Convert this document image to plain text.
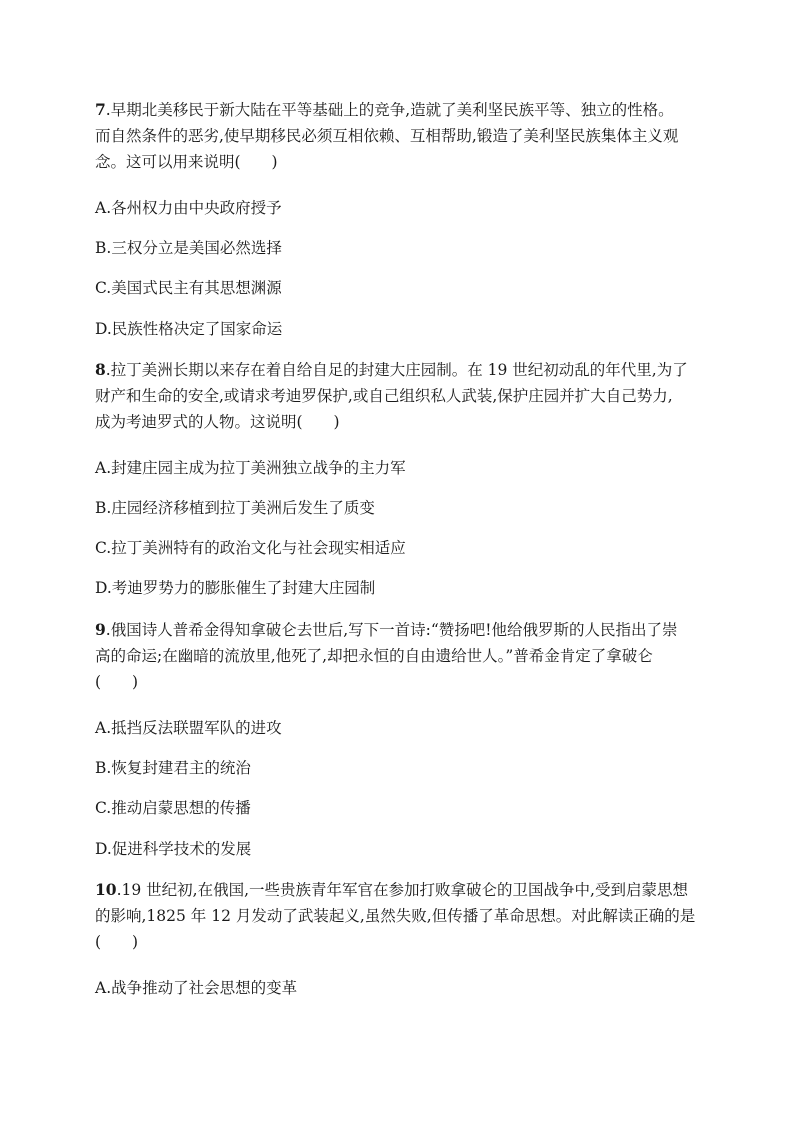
7.早期北美移民于新大陆在平等基础上的竞争,造就了美利坚民族平等、独立的性格。
而自然条件的恶劣,使早期移民必须互相依赖、互相帮助,锻造了美利坚民族集体主义观
念。这可以用来说明(　　)

A.各州权力由中央政府授予
B.三权分立是美国必然选择
C.美国式民主有其思想渊源
D.民族性格决定了国家命运

8.拉丁美洲长期以来存在着自给自足的封建大庄园制。在 19 世纪初动乱的年代里,为了
财产和生命的安全,或请求考迪罗保护,或自己组织私人武装,保护庄园并扩大自己势力,
成为考迪罗式的人物。这说明(　　)

A.封建庄园主成为拉丁美洲独立战争的主力军
B.庄园经济移植到拉丁美洲后发生了质变
C.拉丁美洲特有的政治文化与社会现实相适应
D.考迪罗势力的膨胀催生了封建大庄园制

9.俄国诗人普希金得知拿破仑去世后,写下一首诗:“赞扬吧!他给俄罗斯的人民指出了崇
高的命运;在幽暗的流放里,他死了,却把永恒的自由遗给世人。”普希金肯定了拿破仑
(　　)

A.抵挡反法联盟军队的进攻
B.恢复封建君主的统治
C.推动启蒙思想的传播
D.促进科学技术的发展

10.19 世纪初,在俄国,一些贵族青年军官在参加打败拿破仑的卫国战争中,受到启蒙思想
的影响,1825 年 12 月发动了武装起义,虽然失败,但传播了革命思想。对此解读正确的是
(　　)

A.战争推动了社会思想的变革
